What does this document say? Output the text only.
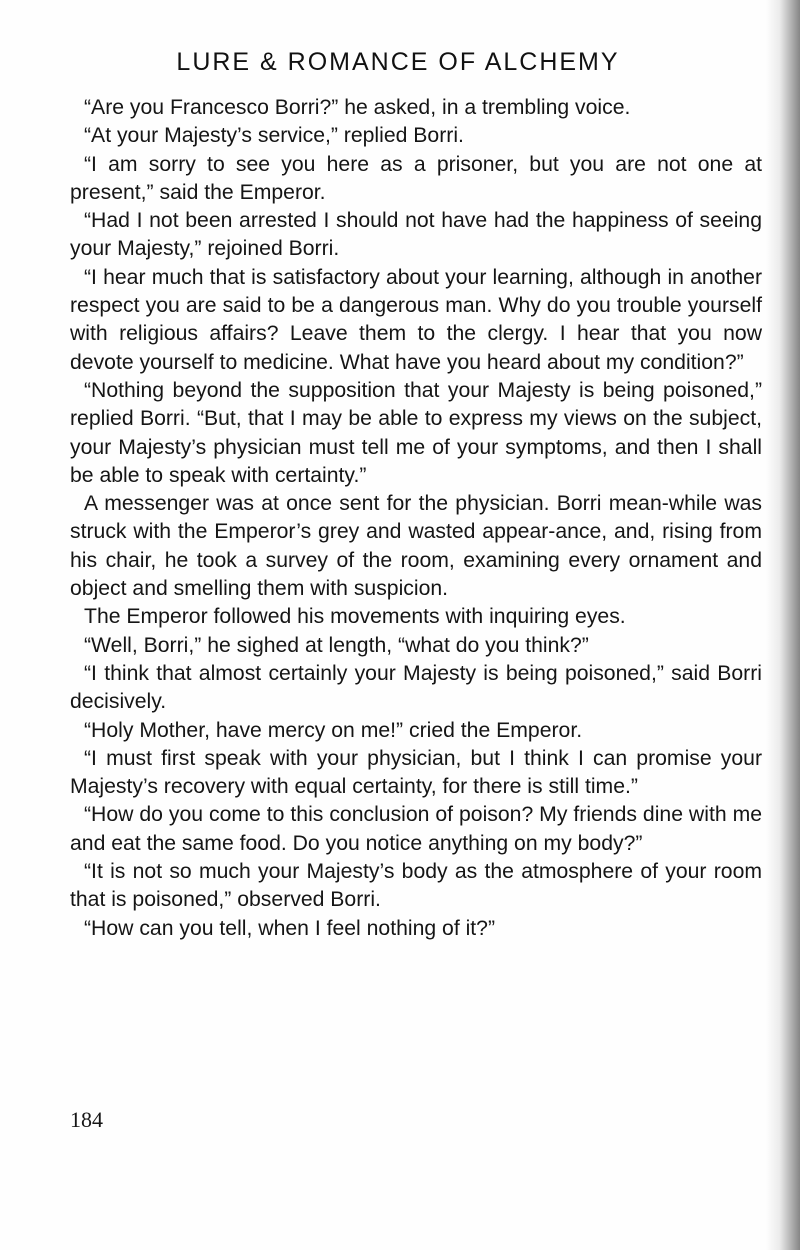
LURE & ROMANCE OF ALCHEMY

“Are you Francesco Borri?” he asked, in a trembling voice.

“At your Majesty’s service,” replied Borri.

“I am sorry to see you here as a prisoner, but you are not one at present,” said the Emperor.

“Had I not been arrested I should not have had the happiness of seeing your Majesty,” rejoined Borri.

“I hear much that is satisfactory about your learning, although in another respect you are said to be a dangerous man. Why do you trouble yourself with religious affairs? Leave them to the clergy. I hear that you now devote yourself to medicine. What have you heard about my condition?”

“Nothing beyond the supposition that your Majesty is being poisoned,” replied Borri. “But, that I may be able to express my views on the subject, your Majesty’s physician must tell me of your symptoms, and then I shall be able to speak with certainty.”

A messenger was at once sent for the physician. Borri mean-while was struck with the Emperor’s grey and wasted appear-ance, and, rising from his chair, he took a survey of the room, examining every ornament and object and smelling them with suspicion.

The Emperor followed his movements with inquiring eyes.

“Well, Borri,” he sighed at length, “what do you think?”

“I think that almost certainly your Majesty is being poisoned,” said Borri decisively.

“Holy Mother, have mercy on me!” cried the Emperor.

“I must first speak with your physician, but I think I can promise your Majesty’s recovery with equal certainty, for there is still time.”

“How do you come to this conclusion of poison? My friends dine with me and eat the same food. Do you notice anything on my body?”

“It is not so much your Majesty’s body as the atmosphere of your room that is poisoned,” observed Borri.

“How can you tell, when I feel nothing of it?”

184
